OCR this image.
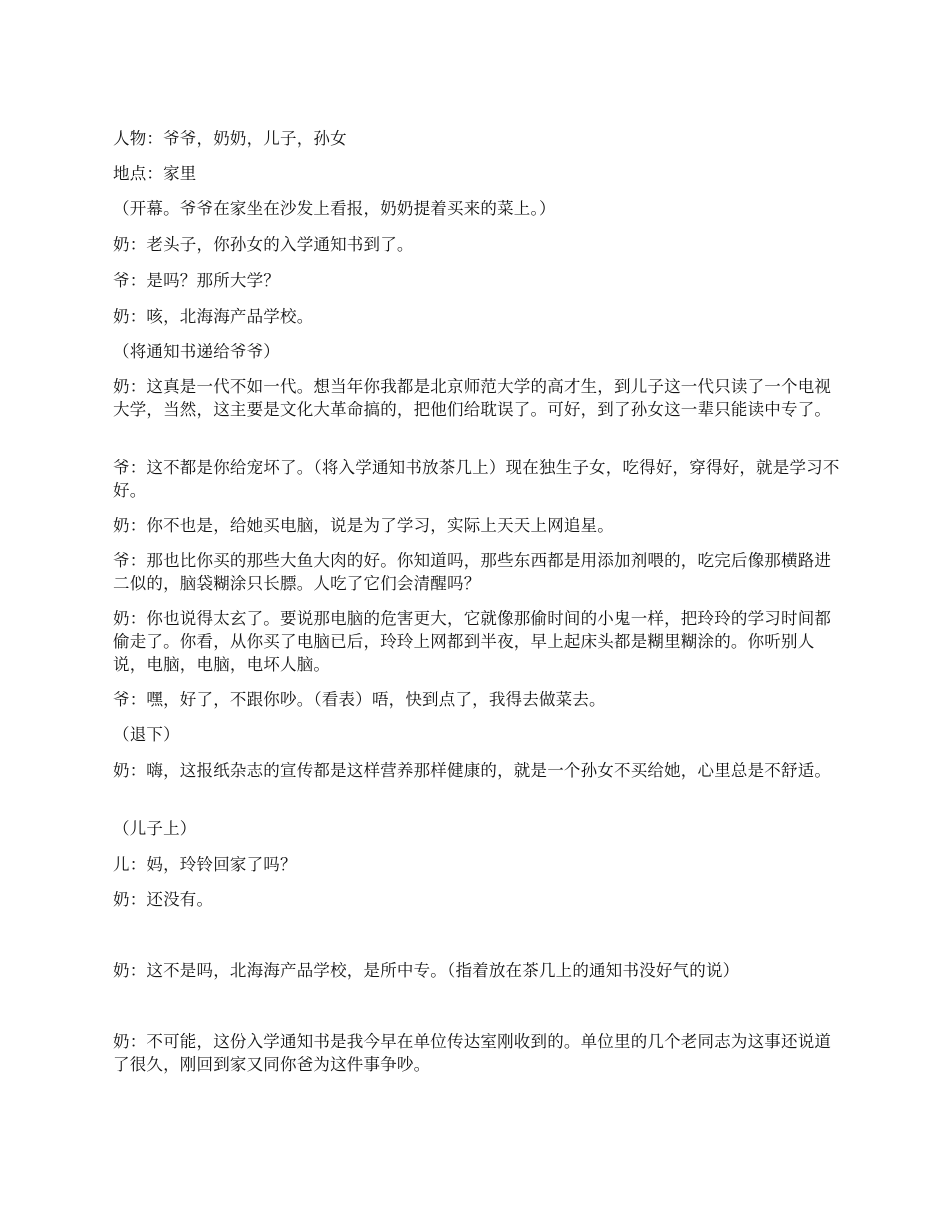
人物：爷爷，奶奶，儿子，孙女

地点：家里

（开幕。爷爷在家坐在沙发上看报，奶奶提着买来的菜上。）

奶：老头子，你孙女的入学通知书到了。

爷：是吗？那所大学？

奶：咳，北海海产品学校。

（将通知书递给爷爷）

奶：这真是一代不如一代。想当年你我都是北京师范大学的高才生，到儿子这一代只读了一个电视大学，当然，这主要是文化大革命搞的，把他们给耽误了。可好，到了孙女这一辈只能读中专了。

爷：这不都是你给宠坏了。（将入学通知书放茶几上）现在独生子女，吃得好，穿得好，就是学习不好。

奶：你不也是，给她买电脑，说是为了学习，实际上天天上网追星。

爷：那也比你买的那些大鱼大肉的好。你知道吗，那些东西都是用添加剂喂的，吃完后像那横路进二似的，脑袋糊涂只长膘。人吃了它们会清醒吗？

奶：你也说得太玄了。要说那电脑的危害更大，它就像那偷时间的小鬼一样，把玲玲的学习时间都偷走了。你看，从你买了电脑已后，玲玲上网都到半夜，早上起床头都是糊里糊涂的。你听别人说，电脑，电脑，电坏人脑。

爷：嘿，好了，不跟你吵。（看表）唔，快到点了，我得去做菜去。

（退下）

奶：嗨，这报纸杂志的宣传都是这样营养那样健康的，就是一个孙女不买给她，心里总是不舒适。

（儿子上）

儿：妈，玲铃回家了吗？

奶：还没有。

奶：这不是吗，北海海产品学校，是所中专。（指着放在茶几上的通知书没好气的说）

奶：不可能，这份入学通知书是我今早在单位传达室刚收到的。单位里的几个老同志为这事还说道了很久，刚回到家又同你爸为这件事争吵。
